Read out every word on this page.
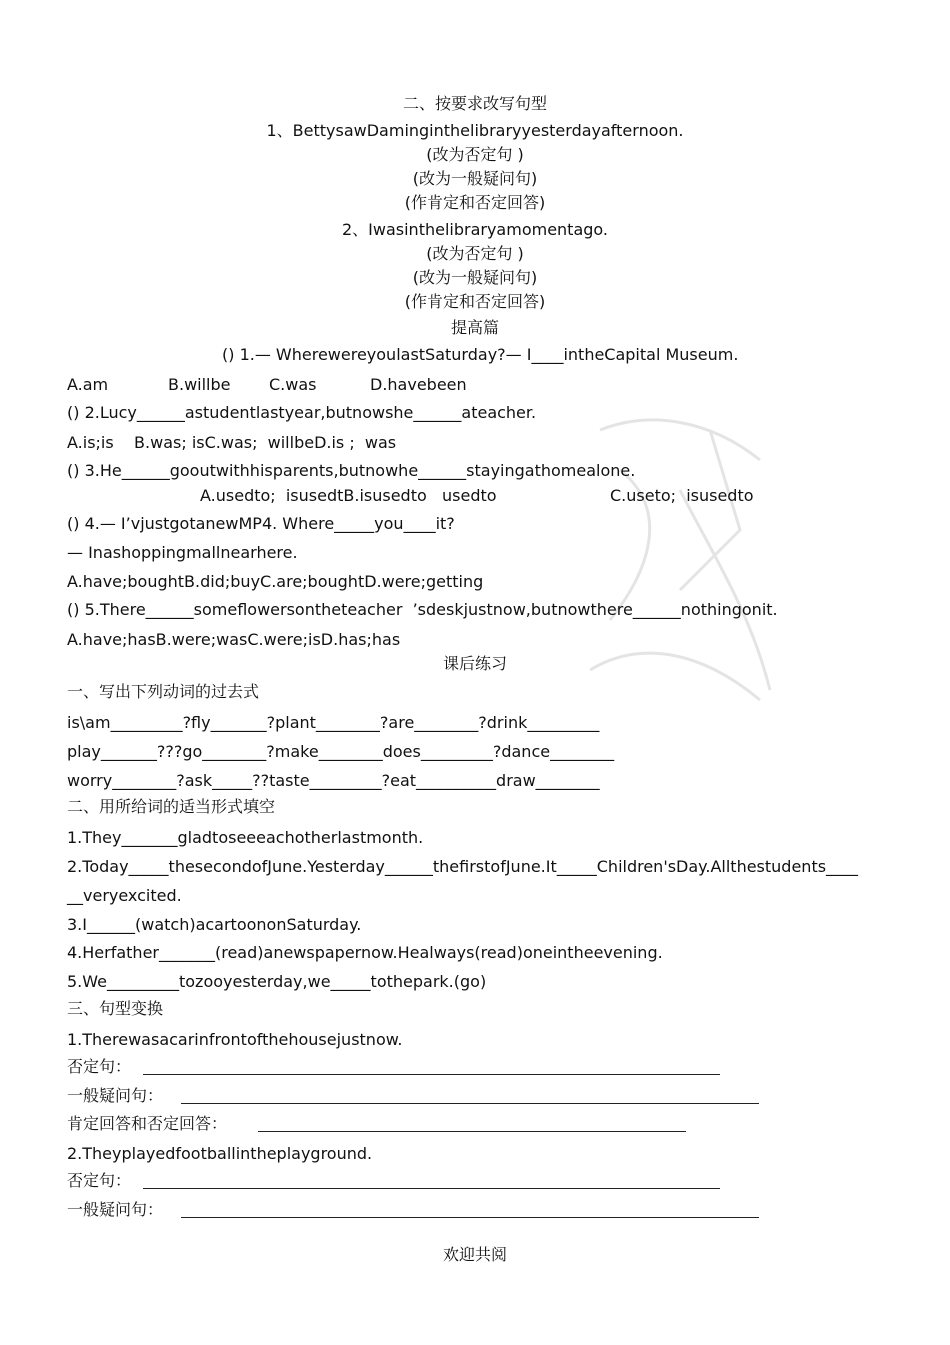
二、按要求改写句型

1、BettysawDaminginthelibraryyesterdayafternoon.

(改为否定句 )

(改为一般疑问句)

(作肯定和否定回答)

2、Iwasinthelibraryamomentago.

(改为否定句 )

(改为一般疑问句)

(作肯定和否定回答)

提高篇

() 1.— WherewereyoulastSaturday?— I____intheCapital Museum.

A.am	B.willbe C.was	D.havebeen

() 2.Lucy______astudentlastyear,butnowshe______ateacher.

A.is;is    B.was; isC.was;  willbeD.is ;  was

() 3.He______gooutwithhisparents,butnowhe______stayingathomealone.

A.usedto;  isusedtB.isusedto   usedto	C.useto;  isusedto

() 4.— I’vjustgotanewMP4. Where_____you____it?

— Inashoppingmallnearhere.

A.have;boughtB.did;buyC.are;boughtD.were;getting

() 5.There______someflowersontheteacher  ’sdeskjustnow,butnowthere______nothingonit.

A.have;hasB.were;wasC.were;isD.has;has

课后练习

一、写出下列动词的过去式

is\am_________?fly_______?plant________?are________?drink_________

play_______???go________?make________does_________?dance________

worry________?ask_____??taste_________?eat__________draw________

二、用所给词的适当形式填空

1.They_______gladtoseeeachotherlastmonth.

2.Today_____thesecondofJune.Yesterday______thefirstofJune.It_____Children'sDay.Allthestudents____

__veryexcited.

3.I______(watch)acartoononSaturday.

4.Herfather_______(read)anewspapernow.Healways(read)oneintheevening.

5.We_________tozooyesterday,we_____tothepark.(go)

三、句型变换

1.Therewasacarinfrontofthehousejustnow.

否定句：

一般疑问句：

肯定回答和否定回答：

2.Theyplayedfootballintheplayground.

否定句：

一般疑问句：

欢迎共阅
